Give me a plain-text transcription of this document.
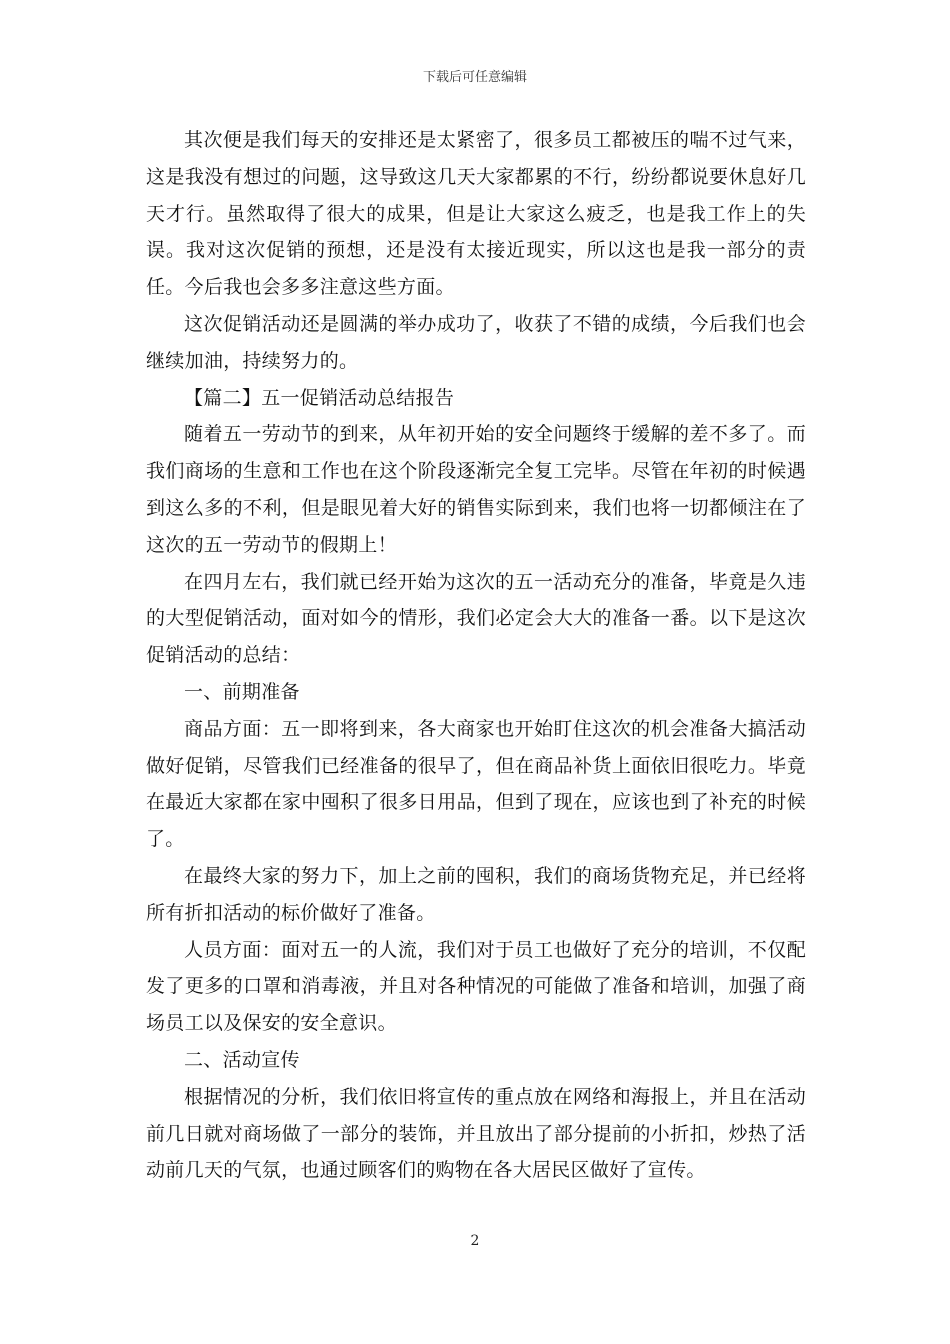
下载后可任意编辑

其次便是我们每天的安排还是太紧密了，很多员工都被压的喘不过气来，这是我没有想过的问题，这导致这几天大家都累的不行，纷纷都说要休息好几天才行。虽然取得了很大的成果，但是让大家这么疲乏，也是我工作上的失误。我对这次促销的预想，还是没有太接近现实，所以这也是我一部分的责任。今后我也会多多注意这些方面。

这次促销活动还是圆满的举办成功了，收获了不错的成绩，今后我们也会继续加油，持续努力的。

【篇二】五一促销活动总结报告

随着五一劳动节的到来，从年初开始的安全问题终于缓解的差不多了。而我们商场的生意和工作也在这个阶段逐渐完全复工完毕。尽管在年初的时候遇到这么多的不利，但是眼见着大好的销售实际到来，我们也将一切都倾注在了这次的五一劳动节的假期上！

在四月左右，我们就已经开始为这次的五一活动充分的准备，毕竟是久违的大型促销活动，面对如今的情形，我们必定会大大的准备一番。以下是这次促销活动的总结：

一、前期准备

商品方面：五一即将到来，各大商家也开始盯住这次的机会准备大搞活动做好促销，尽管我们已经准备的很早了，但在商品补货上面依旧很吃力。毕竟在最近大家都在家中囤积了很多日用品，但到了现在，应该也到了补充的时候了。

在最终大家的努力下，加上之前的囤积，我们的商场货物充足，并已经将所有折扣活动的标价做好了准备。

人员方面：面对五一的人流，我们对于员工也做好了充分的培训，不仅配发了更多的口罩和消毒液，并且对各种情况的可能做了准备和培训，加强了商场员工以及保安的安全意识。

二、活动宣传

根据情况的分析，我们依旧将宣传的重点放在网络和海报上，并且在活动前几日就对商场做了一部分的装饰，并且放出了部分提前的小折扣，炒热了活动前几天的气氛，也通过顾客们的购物在各大居民区做好了宣传。

2
